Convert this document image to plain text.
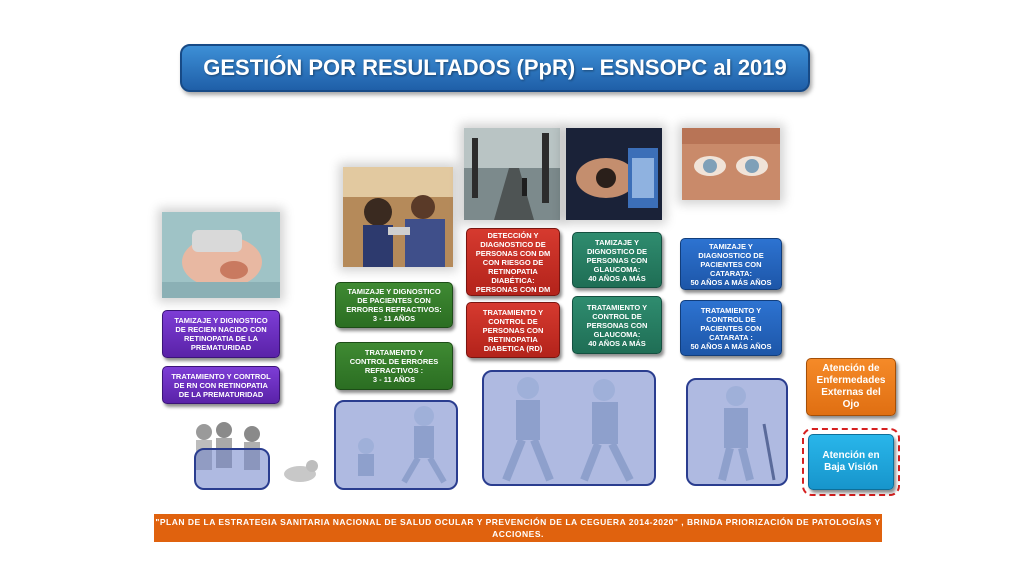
GESTIÓN POR RESULTADOS (PpR) – ESNSOPC al 2019
TAMIZAJE Y DIGNOSTICO
DE RECIEN NACIDO CON
RETINOPATIA DE LA
PREMATURIDAD
TRATAMIENTO Y CONTROL
DE RN CON RETINOPATIA
DE LA PREMATURIDAD
TAMIZAJE Y DIGNOSTICO
DE PACIENTES CON
ERRORES REFRACTIVOS:
3 - 11 AÑOS
TRATAMENTO Y
CONTROL DE ERRORES
REFRACTIVOS :
3 - 11 AÑOS
DETECCIÓN Y
DIAGNOSTICO DE
PERSONAS CON DM
CON RIESGO DE
RETINOPATIA
DIABÉTICA:
PERSONAS CON DM
TRATAMIENTO Y
CONTROL DE
PERSONAS CON
RETINOPATIA
DIABETICA (RD)
TAMIZAJE Y
DIGNOSTICO DE
PERSONAS CON
GLAUCOMA:
40 AÑOS A MÁS
TRATAMIENTO Y
CONTROL DE
PERSONAS CON
GLAUCOMA:
40 AÑOS A MÁS
TAMIZAJE Y
DIAGNOSTICO DE
PACIENTES CON
CATARATA:
50 AÑOS A MÁS AÑOS
TRATAMIENTO Y
CONTROL DE
PACIENTES CON
CATARATA :
50 AÑOS A MÁS AÑOS
Atención de
Enfermedades
Externas del
Ojo
Atención en
Baja Visión
"PLAN DE LA ESTRATEGIA SANITARIA NACIONAL DE SALUD OCULAR Y PREVENCIÓN DE LA CEGUERA 2014-2020" , BRINDA PRIORIZACIÓN DE PATOLOGÍAS Y ACCIONES.
